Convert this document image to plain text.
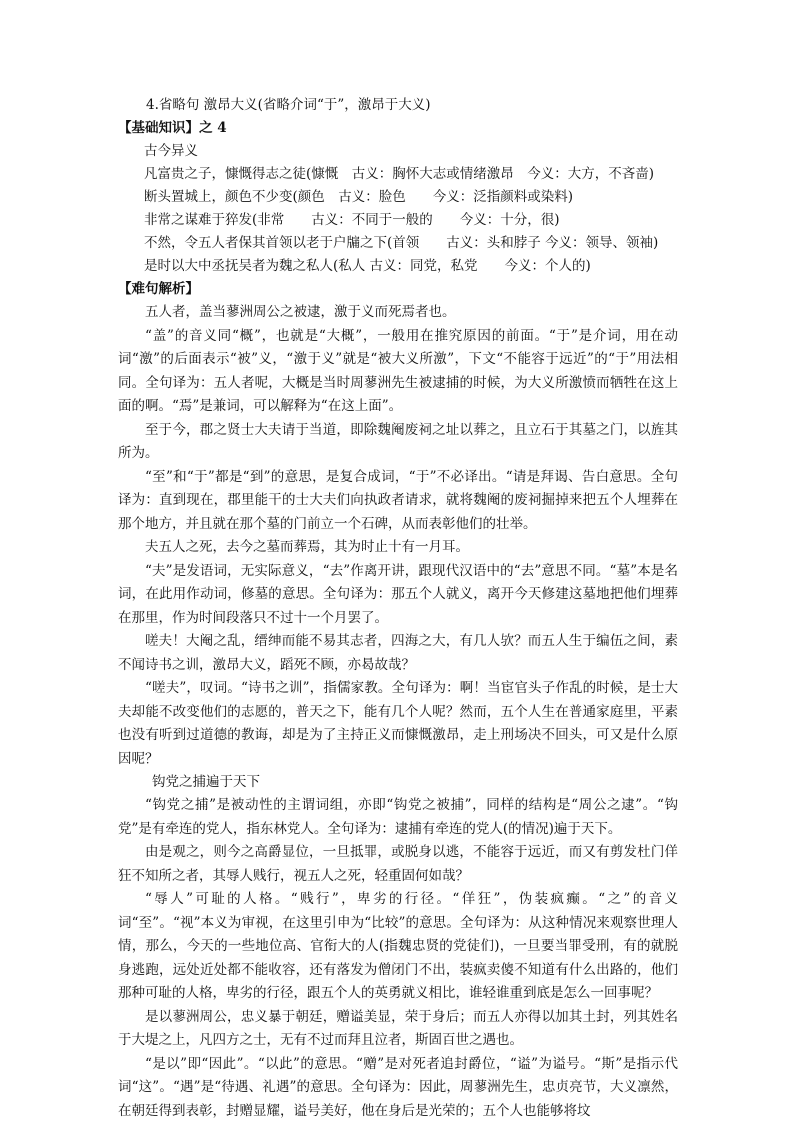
4.省略句 激昂大义(省略介词“于”，激昂于大义)
【基础知识】之 4
古今异义
凡富贵之子，慷慨得志之徒(慷慨　古义：胸怀大志或情绪激昂　今义：大方，不吝啬)
断头置城上，颜色不少变(颜色　古义：脸色　　今义：泛指颜料或染料)
非常之谋难于猝发(非常　　古义：不同于一般的　　今义：十分，很)
不然，令五人者保其首领以老于户牖之下(首领　　古义：头和脖子 今义：领导、领袖)
是时以大中丞抚吴者为魏之私人(私人 古义：同党，私党　　今义：个人的)
【难句解析】
五人者，盖当蓼洲周公之被逮，激于义而死焉者也。
“盖”的音义同“概”，也就是“大概”，一般用在推究原因的前面。“于”是介词，用在动词“激”的后面表示“被”义，“激于义”就是“被大义所激”，下文“不能容于远近”的“于”用法相同。全句译为：五人者呢，大概是当时周蓼洲先生被逮捕的时候，为大义所激愤而牺牲在这上面的啊。“焉”是兼词，可以解释为“在这上面”。
至于今，郡之贤士大夫请于当道，即除魏阉废祠之址以葬之，且立石于其墓之门，以旌其所为。
“至”和“于”都是“到”的意思，是复合成词，“于”不必译出。“请是拜谒、告白意思。全句译为：直到现在，郡里能干的士大夫们向执政者请求，就将魏阉的废祠掘掉来把五个人埋葬在那个地方，并且就在那个墓的门前立一个石碑，从而表彰他们的壮举。
夫五人之死，去今之墓而葬焉，其为时止十有一月耳。
“夫”是发语词，无实际意义，“去”作离开讲，跟现代汉语中的“去”意思不同。“墓”本是名词，在此用作动词，修墓的意思。全句译为：那五个人就义，离开今天修建这墓地把他们埋葬在那里，作为时间段落只不过十一个月罢了。
嗟夫！大阉之乱，缙绅而能不易其志者，四海之大，有几人欤？而五人生于编伍之间，素不闻诗书之训，激昂大义，蹈死不顾，亦曷故哉？
“嗟夫”，叹词。“诗书之训”，指儒家教。全句译为：啊！当宦官头子作乱的时候，是士大夫却能不改变他们的志愿的，普天之下，能有几个人呢？然而，五个人生在普通家庭里，平素也没有听到过道德的教诲，却是为了主持正义而慷慨激昂，走上刑场决不回头，可又是什么原因呢？
钩党之捕遍于天下
“钩党之捕”是被动性的主谓词组，亦即“钩党之被捕”，同样的结构是“周公之逮”。“钩党”是有牵连的党人，指东林党人。全句译为：逮捕有牵连的党人(的情况)遍于天下。
由是观之，则今之高爵显位，一旦抵罪，或脱身以逃，不能容于远近，而又有剪发杜门佯狂不知所之者，其辱人贱行，视五人之死，轻重固何如哉？
“辱人”可耻的人格。“贱行”，卑劣的行径。“佯狂”，伪装疯癫。“之”的音义词“至”。“视”本义为审视，在这里引申为“比较”的意思。全句译为：从这种情况来观察世理人情，那么，今天的一些地位高、官衔大的人(指魏忠贤的党徒们)，一旦要当罪受刑，有的就脱身逃跑，远处近处都不能收容，还有落发为僧闭门不出，装疯卖傻不知道有什么出路的，他们那种可耻的人格，卑劣的行径，跟五个人的英勇就义相比，谁轻谁重到底是怎么一回事呢？
是以蓼洲周公，忠义暴于朝廷，赠谥美显，荣于身后；而五人亦得以加其土封，列其姓名于大堤之上，凡四方之士，无有不过而拜且泣者，斯固百世之遇也。
“是以”即“因此”。“以此”的意思。“赠”是对死者追封爵位，“谥”为谥号。“斯”是指示代词“这”。“遇”是“待遇、礼遇”的意思。全句译为：因此，周蓼洲先生，忠贞亮节，大义凛然，在朝廷得到表彰，封赠显耀，谥号美好，他在身后是光荣的；五个人也能够将坟
